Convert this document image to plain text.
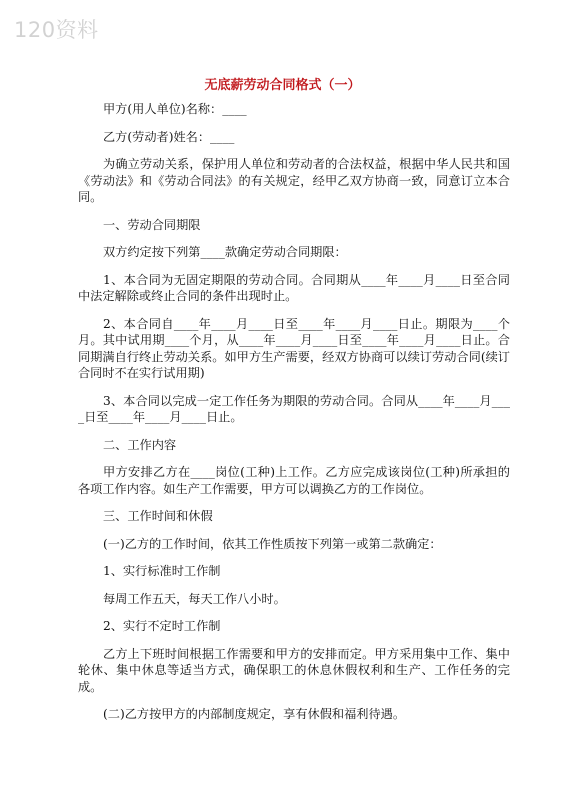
120资料
无底薪劳动合同格式（一）

甲方(用人单位)名称：____

乙方(劳动者)姓名：____

为确立劳动关系，保护用人单位和劳动者的合法权益，根据中华人民共和国《劳动法》和《劳动合同法》的有关规定，经甲乙双方协商一致，同意订立本合同。

一、劳动合同期限

双方约定按下列第____款确定劳动合同期限：

1、本合同为无固定期限的劳动合同。合同期从____年____月____日至合同中法定解除或终止合同的条件出现时止。

2、本合同自____年____月____日至____年____月____日止。期限为____个月。其中试用期____个月，从____年____月____日至____年____月____日止。合同期满自行终止劳动关系。如甲方生产需要，经双方协商可以续订劳动合同(续订合同时不在实行试用期)

3、本合同以完成一定工作任务为期限的劳动合同。合同从____年____月____日至____年____月____日止。

二、工作内容

甲方安排乙方在____岗位(工种)上工作。乙方应完成该岗位(工种)所承担的各项工作内容。如生产工作需要，甲方可以调换乙方的工作岗位。

三、工作时间和休假

(一)乙方的工作时间，依其工作性质按下列第一或第二款确定：

1、实行标准时工作制

每周工作五天，每天工作八小时。

2、实行不定时工作制

乙方上下班时间根据工作需要和甲方的安排而定。甲方采用集中工作、集中轮休、集中休息等适当方式，确保职工的休息休假权利和生产、工作任务的完成。

(二)乙方按甲方的内部制度规定，享有休假和福利待遇。
